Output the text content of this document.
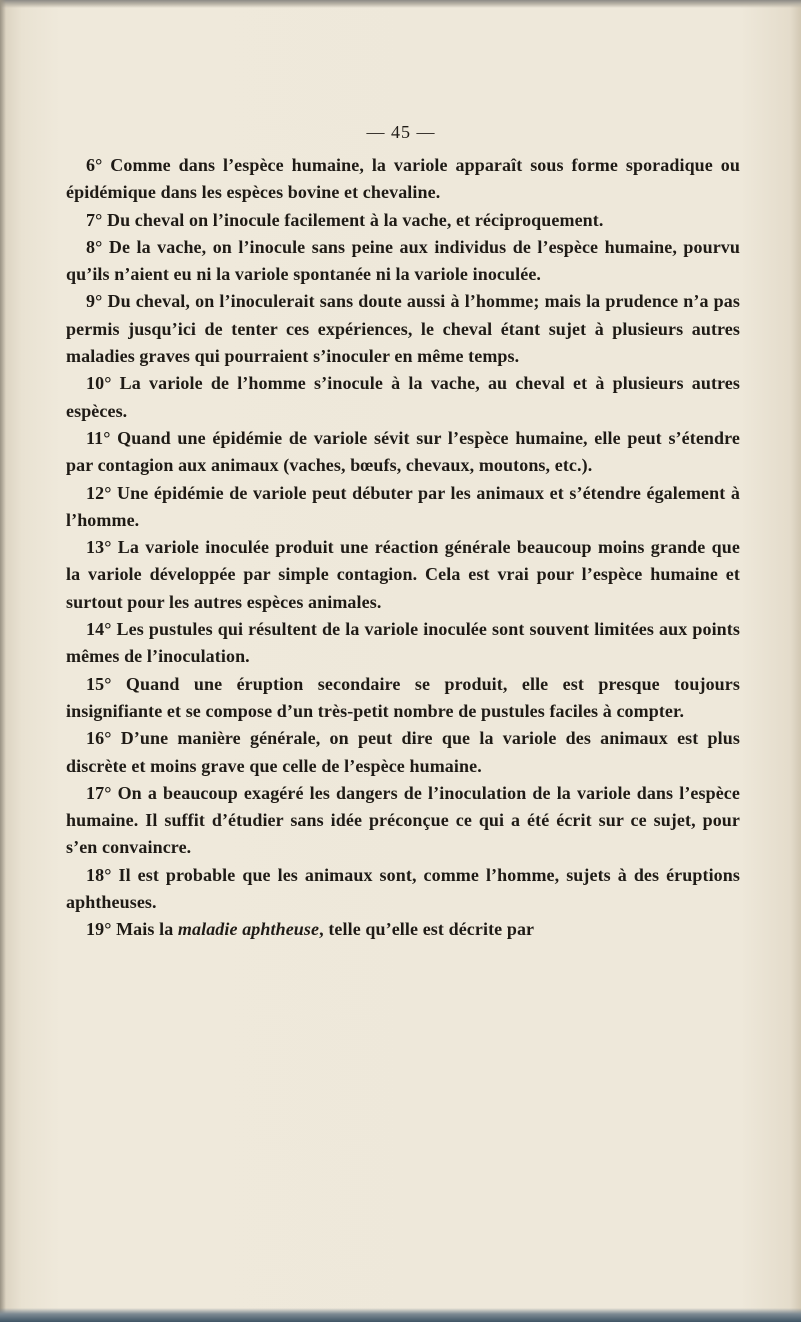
— 45 —

6° Comme dans l’espèce humaine, la variole apparaît sous forme sporadique ou épidémique dans les espèces bovine et chevaline.

7° Du cheval on l’inocule facilement à la vache, et réciproquement.

8° De la vache, on l’inocule sans peine aux individus de l’espèce humaine, pourvu qu’ils n’aient eu ni la variole spontanée ni la variole inoculée.

9° Du cheval, on l’inoculerait sans doute aussi à l’homme; mais la prudence n’a pas permis jusqu’ici de tenter ces expériences, le cheval étant sujet à plusieurs autres maladies graves qui pourraient s’inoculer en même temps.

10° La variole de l’homme s’inocule à la vache, au cheval et à plusieurs autres espèces.

11° Quand une épidémie de variole sévit sur l’espèce humaine, elle peut s’étendre par contagion aux animaux (vaches, bœufs, chevaux, moutons, etc.).

12° Une épidémie de variole peut débuter par les animaux et s’étendre également à l’homme.

13° La variole inoculée produit une réaction générale beaucoup moins grande que la variole développée par simple contagion. Cela est vrai pour l’espèce humaine et surtout pour les autres espèces animales.

14° Les pustules qui résultent de la variole inoculée sont souvent limitées aux points mêmes de l’inoculation.

15° Quand une éruption secondaire se produit, elle est presque toujours insignifiante et se compose d’un très-petit nombre de pustules faciles à compter.

16° D’une manière générale, on peut dire que la variole des animaux est plus discrète et moins grave que celle de l’espèce humaine.

17° On a beaucoup exagéré les dangers de l’inoculation de la variole dans l’espèce humaine. Il suffit d’étudier sans idée préconçue ce qui a été écrit sur ce sujet, pour s’en convaincre.

18° Il est probable que les animaux sont, comme l’homme, sujets à des éruptions aphtheuses.

19° Mais la maladie aphtheuse, telle qu’elle est décrite par
